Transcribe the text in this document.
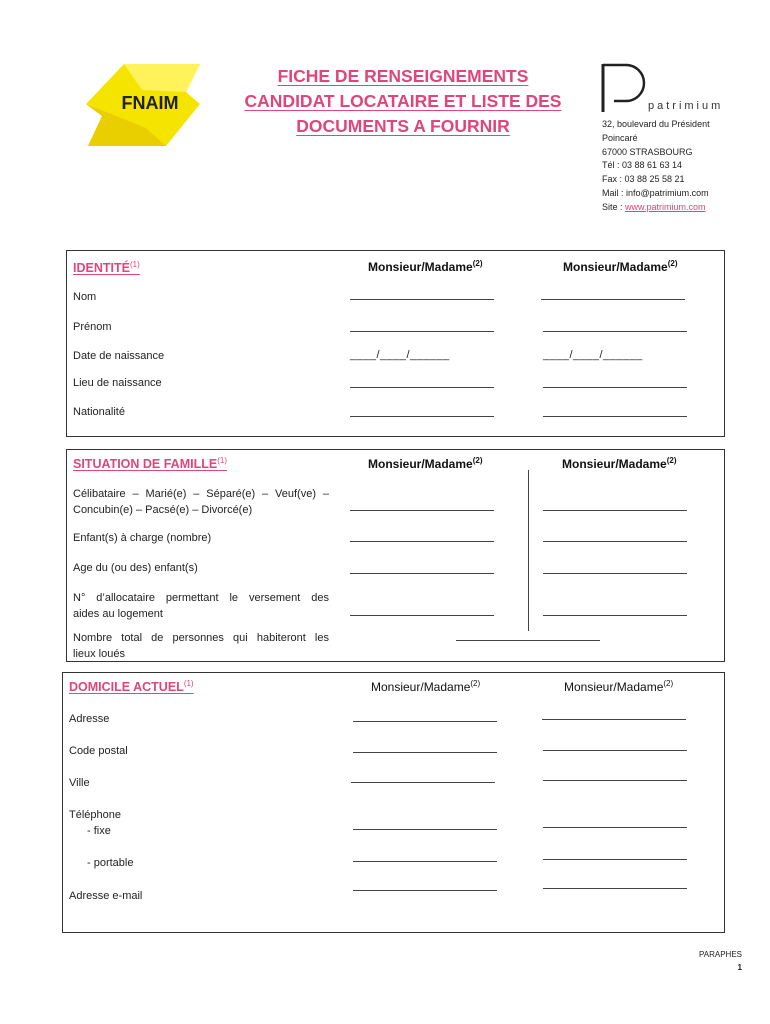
FNAIM
FICHE DE RENSEIGNEMENTS
CANDIDAT LOCATAIRE ET LISTE DES
DOCUMENTS A FOURNIR
patrimium
32, boulevard du Président
Poincaré
67000 STRASBOURG
Tél : 03 88 61 63 14
Fax : 03 88 25 58 21
Mail : info@patrimium.com
Site : www.patrimium.com
IDENTITÉ$^{(1)}$	Monsieur/Madame$^{(2)}$	Monsieur/Madame$^{(2)}$
Nom
Prénom
Date de naissance	____/____/______	____/____/______
Lieu de naissance
Nationalité
SITUATION DE FAMILLE$^{(1)}$	Monsieur/Madame$^{(2)}$	Monsieur/Madame$^{(2)}$
Célibataire – Marié(e) – Séparé(e) – Veuf(ve) –
Concubin(e) – Pacsé(e) – Divorcé(e)
Enfant(s) à charge (nombre)
Age du (ou des) enfant(s)
N° d’allocataire permettant le versement des
aides au logement
Nombre total de personnes qui habiteront les
lieux loués
DOMICILE ACTUEL$^{(1)}$	Monsieur/Madame$^{(2)}$	Monsieur/Madame$^{(2)}$
Adresse
Code postal
Ville
Téléphone
- fixe
- portable
Adresse e-mail
PARAPHES
1
